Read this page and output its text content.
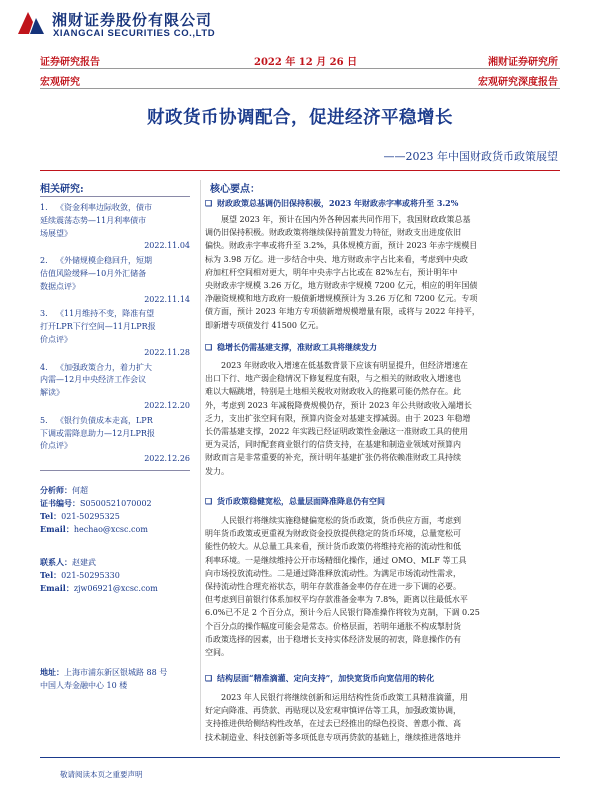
湘财证券股份有限公司
XIANGCAI SECURITIES CO.,LTD
证券研究报告	2022 年 12 月 26 日	湘财证券研究所
宏观研究	宏观研究深度报告
财政货币协调配合，促进经济平稳增长
——2023 年中国财政货币政策展望
相关研究:
1. 《资金利率边际收敛，债市
延续震荡态势—11月利率债市
场展望》
2022.11.04
2. 《外储规模企稳回升，短期
估值风险缓释—10月外汇储备
数据点评》
2022.11.14
3. 《11月维持不变，降准有望
打开LPR下行空间—11月LPR报
价点评》
2022.11.28
4. 《加强政策合力，着力扩大
内需—12月中央经济工作会议
解读》
2022.12.20
5. 《银行负债成本走高，LPR
下调或需降息助力—12月LPR报
价点评》
2022.12.26
分析师：何超
证书编号：S0500521070002
Tel：021-50295325
Email：hechao@xcsc.com
联系人：赵建武
Tel：021-50295330
Email：zjw06921@xcsc.com
地址：上海市浦东新区银城路 88 号
中国人寿金融中心 10 楼
核心要点：
❏ 财政政策总基调仍旧保持积极，2023 年财政赤字率或将升至 3.2%
展望 2023 年，预计在国内外各种因素共同作用下，我国财政政策总基
调仍旧保持积极。财政政策将继续保持前置发力特征，财政支出进度依旧
偏快。财政赤字率或将升至 3.2%，具体规模方面，预计 2023 年赤字规模目
标为 3.98 万亿。进一步结合中央、地方财政赤字占比来看，考虑到中央政
府加杠杆空间相对更大，明年中央赤字占比或在 82%左右，预计明年中
央财政赤字规模 3.26 万亿，地方财政赤字规模 7200 亿元，相应的明年国债
净融资规模和地方政府一般债新增规模预计为 3.26 万亿和 7200 亿元。专项
债方面，预计 2023 年地方专项债新增规模增量有限，或将与 2022 年持平，
即新增专项债发行 41500 亿元。
❏ 稳增长仍需基建支撑，准财政工具将继续发力
2023 年财政收入增速在低基数背景下应该有明显提升，但经济增速在
出口下行、地产弱企稳情况下修复程度有限，与之相关的财政收入增速也
难以大幅跳增，特别是土地相关税收对财政收入的拖累可能仍然存在。此
外，考虑到 2023 年减税降费规模仍存，预计 2023 年公共财政收入端增长
乏力，支出扩张空间有限，预算内资金对基建支撑减弱。由于 2023 年稳增
长仍需基建支撑，2022 年实践已经证明政策性金融这一准财政工具的使用
更为灵活，同时配套商业银行的信贷支持，在基建和制造业领域对预算内
财政而言是非常重要的补充，预计明年基建扩张仍将依赖准财政工具持续
发力。
❏ 货币政策稳健宽松，总量层面降准降息仍有空间
人民银行将继续实施稳健偏宽松的货币政策，货币供应方面，考虑到
明年货币政策或更重视为财政资金投放提供稳定的货币环境，总量宽松可
能性仍较大。从总量工具来看，预计货币政策仍将维持充裕的流动性和低
利率环境。一是继续维持公开市场精细化操作，通过 OMO、MLF 等工具
向市场投放流动性。二是通过降准释放流动性。为满足市场流动性需求，
保持流动性合理充裕状态，明年存款准备金率仍存在进一步下调的必要。
但考虑到目前银行体系加权平均存款准备金率为 7.8%，距离以往最低水平
6.0%已不足 2 个百分点，预计今后人民银行降准操作将较为克制，下调 0.25
个百分点的操作幅度可能会是常态。价格层面，若明年通胀不构成掣肘货
币政策选择的因素，出于稳增长支持实体经济发展的初衷，降息操作仍有
空间。
❏ 结构层面“精准滴灌、定向支持”，加快宽货币向宽信用的转化
2023 年人民银行将继续创新和运用结构性货币政策工具精准滴灌，用
好定向降准、再贷款、再贴现以及宏观审慎评估等工具，加强政策协调，
支持推进供给侧结构性改革，在过去已经推出的绿色投资、普惠小微、高
技术制造业、科技创新等多项低息专项再贷款的基础上，继续推进落地并
敬请阅读本页之重要声明
